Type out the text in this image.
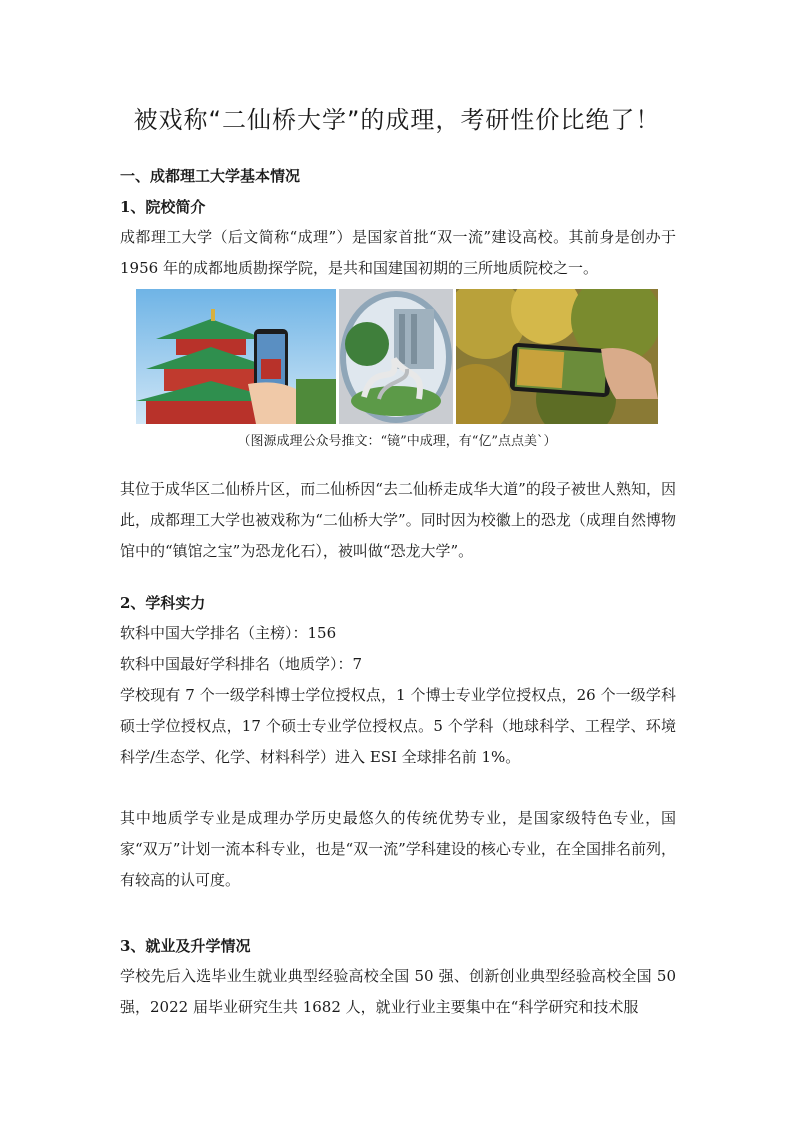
被戏称“二仙桥大学”的成理，考研性价比绝了！
一、成都理工大学基本情况
1、院校简介

成都理工大学（后文简称“成理”）是国家首批“双一流”建设高校。其前身是创办于 1956 年的成都地质勘探学院，是共和国建国初期的三所地质院校之一。

（图源成理公众号推文：“镜”中成理，有“亿”点点美`）

其位于成华区二仙桥片区，而二仙桥因“去二仙桥走成华大道”的段子被世人熟知，因此，成都理工大学也被戏称为“二仙桥大学”。同时因为校徽上的恐龙（成理自然博物馆中的“镇馆之宝”为恐龙化石），被叫做“恐龙大学”。

2、学科实力

软科中国大学排名（主榜）：156

软科中国最好学科排名（地质学）：7

学校现有 7 个一级学科博士学位授权点，1 个博士专业学位授权点，26 个一级学科硕士学位授权点，17 个硕士专业学位授权点。5 个学科（地球科学、工程学、环境科学/生态学、化学、材料科学）进入 ESI 全球排名前 1%。

其中地质学专业是成理办学历史最悠久的传统优势专业，是国家级特色专业，国家“双万”计划一流本科专业，也是“双一流”学科建设的核心专业，在全国排名前列，有较高的认可度。

3、就业及升学情况

学校先后入选毕业生就业典型经验高校全国 50 强、创新创业典型经验高校全国 50 强，2022 届毕业研究生共 1682 人，就业行业主要集中在“科学研究和技术服
